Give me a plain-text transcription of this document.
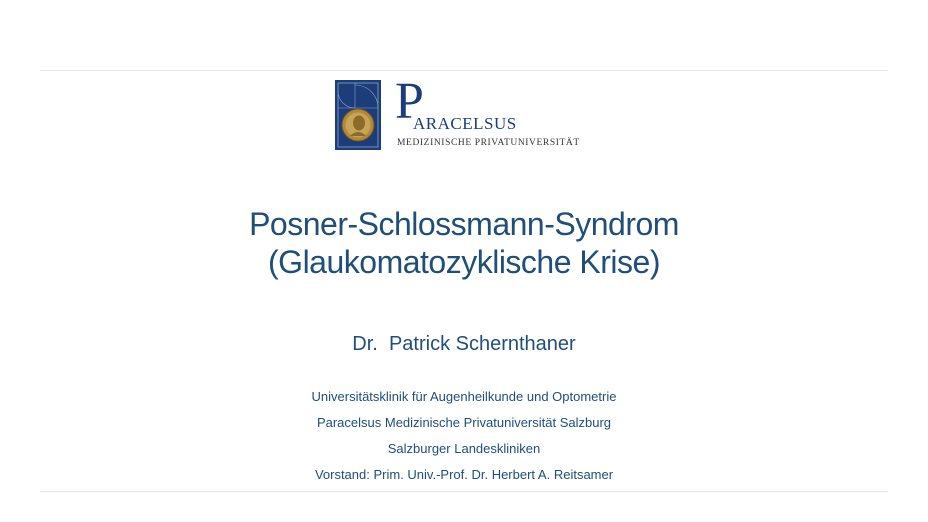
P
ARACELSUS
MEDIZINISCHE PRIVATUNIVERSITÄT
Posner-Schlossmann-Syndrom
(Glaukomatozyklische Krise)
Dr.  Patrick Schernthaner
Universitätsklinik für Augenheilkunde und Optometrie
Paracelsus Medizinische Privatuniversität Salzburg
Salzburger Landeskliniken
Vorstand: Prim. Univ.-Prof. Dr. Herbert A. Reitsamer
